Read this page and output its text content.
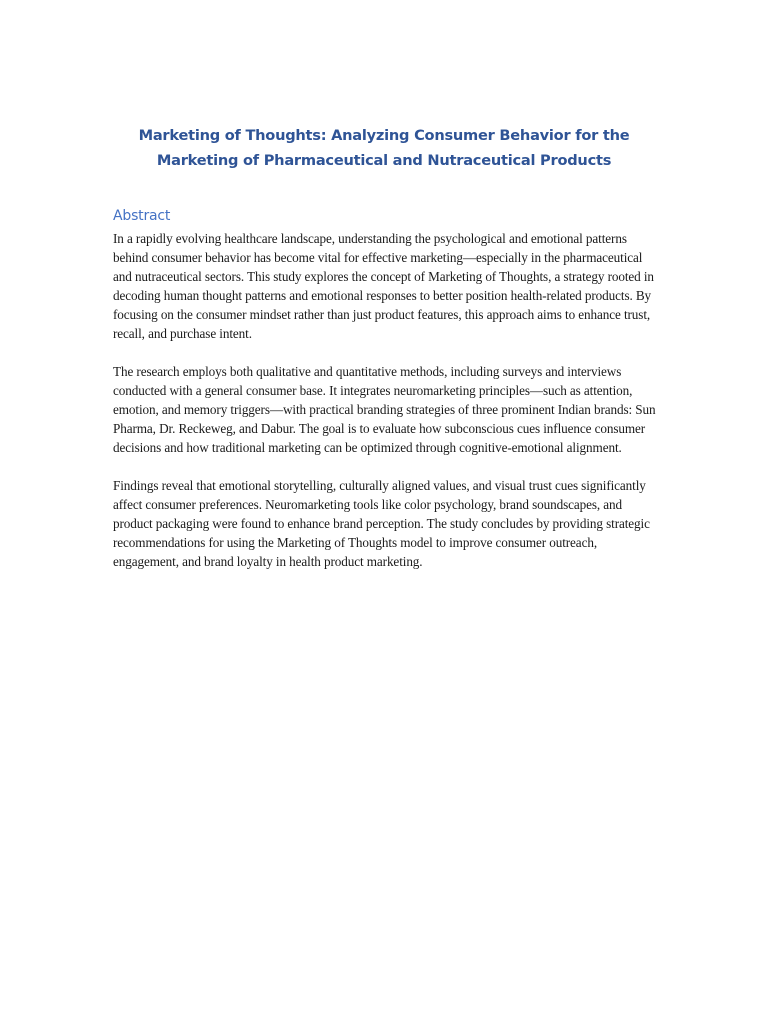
Marketing of Thoughts: Analyzing Consumer Behavior for the Marketing of Pharmaceutical and Nutraceutical Products
Abstract

In a rapidly evolving healthcare landscape, understanding the psychological and emotional patterns behind consumer behavior has become vital for effective marketing—especially in the pharmaceutical and nutraceutical sectors. This study explores the concept of Marketing of Thoughts, a strategy rooted in decoding human thought patterns and emotional responses to better position health-related products. By focusing on the consumer mindset rather than just product features, this approach aims to enhance trust, recall, and purchase intent.

The research employs both qualitative and quantitative methods, including surveys and interviews conducted with a general consumer base. It integrates neuromarketing principles—such as attention, emotion, and memory triggers—with practical branding strategies of three prominent Indian brands: Sun Pharma, Dr. Reckeweg, and Dabur. The goal is to evaluate how subconscious cues influence consumer decisions and how traditional marketing can be optimized through cognitive-emotional alignment.

Findings reveal that emotional storytelling, culturally aligned values, and visual trust cues significantly affect consumer preferences. Neuromarketing tools like color psychology, brand soundscapes, and product packaging were found to enhance brand perception. The study concludes by providing strategic recommendations for using the Marketing of Thoughts model to improve consumer outreach, engagement, and brand loyalty in health product marketing.
